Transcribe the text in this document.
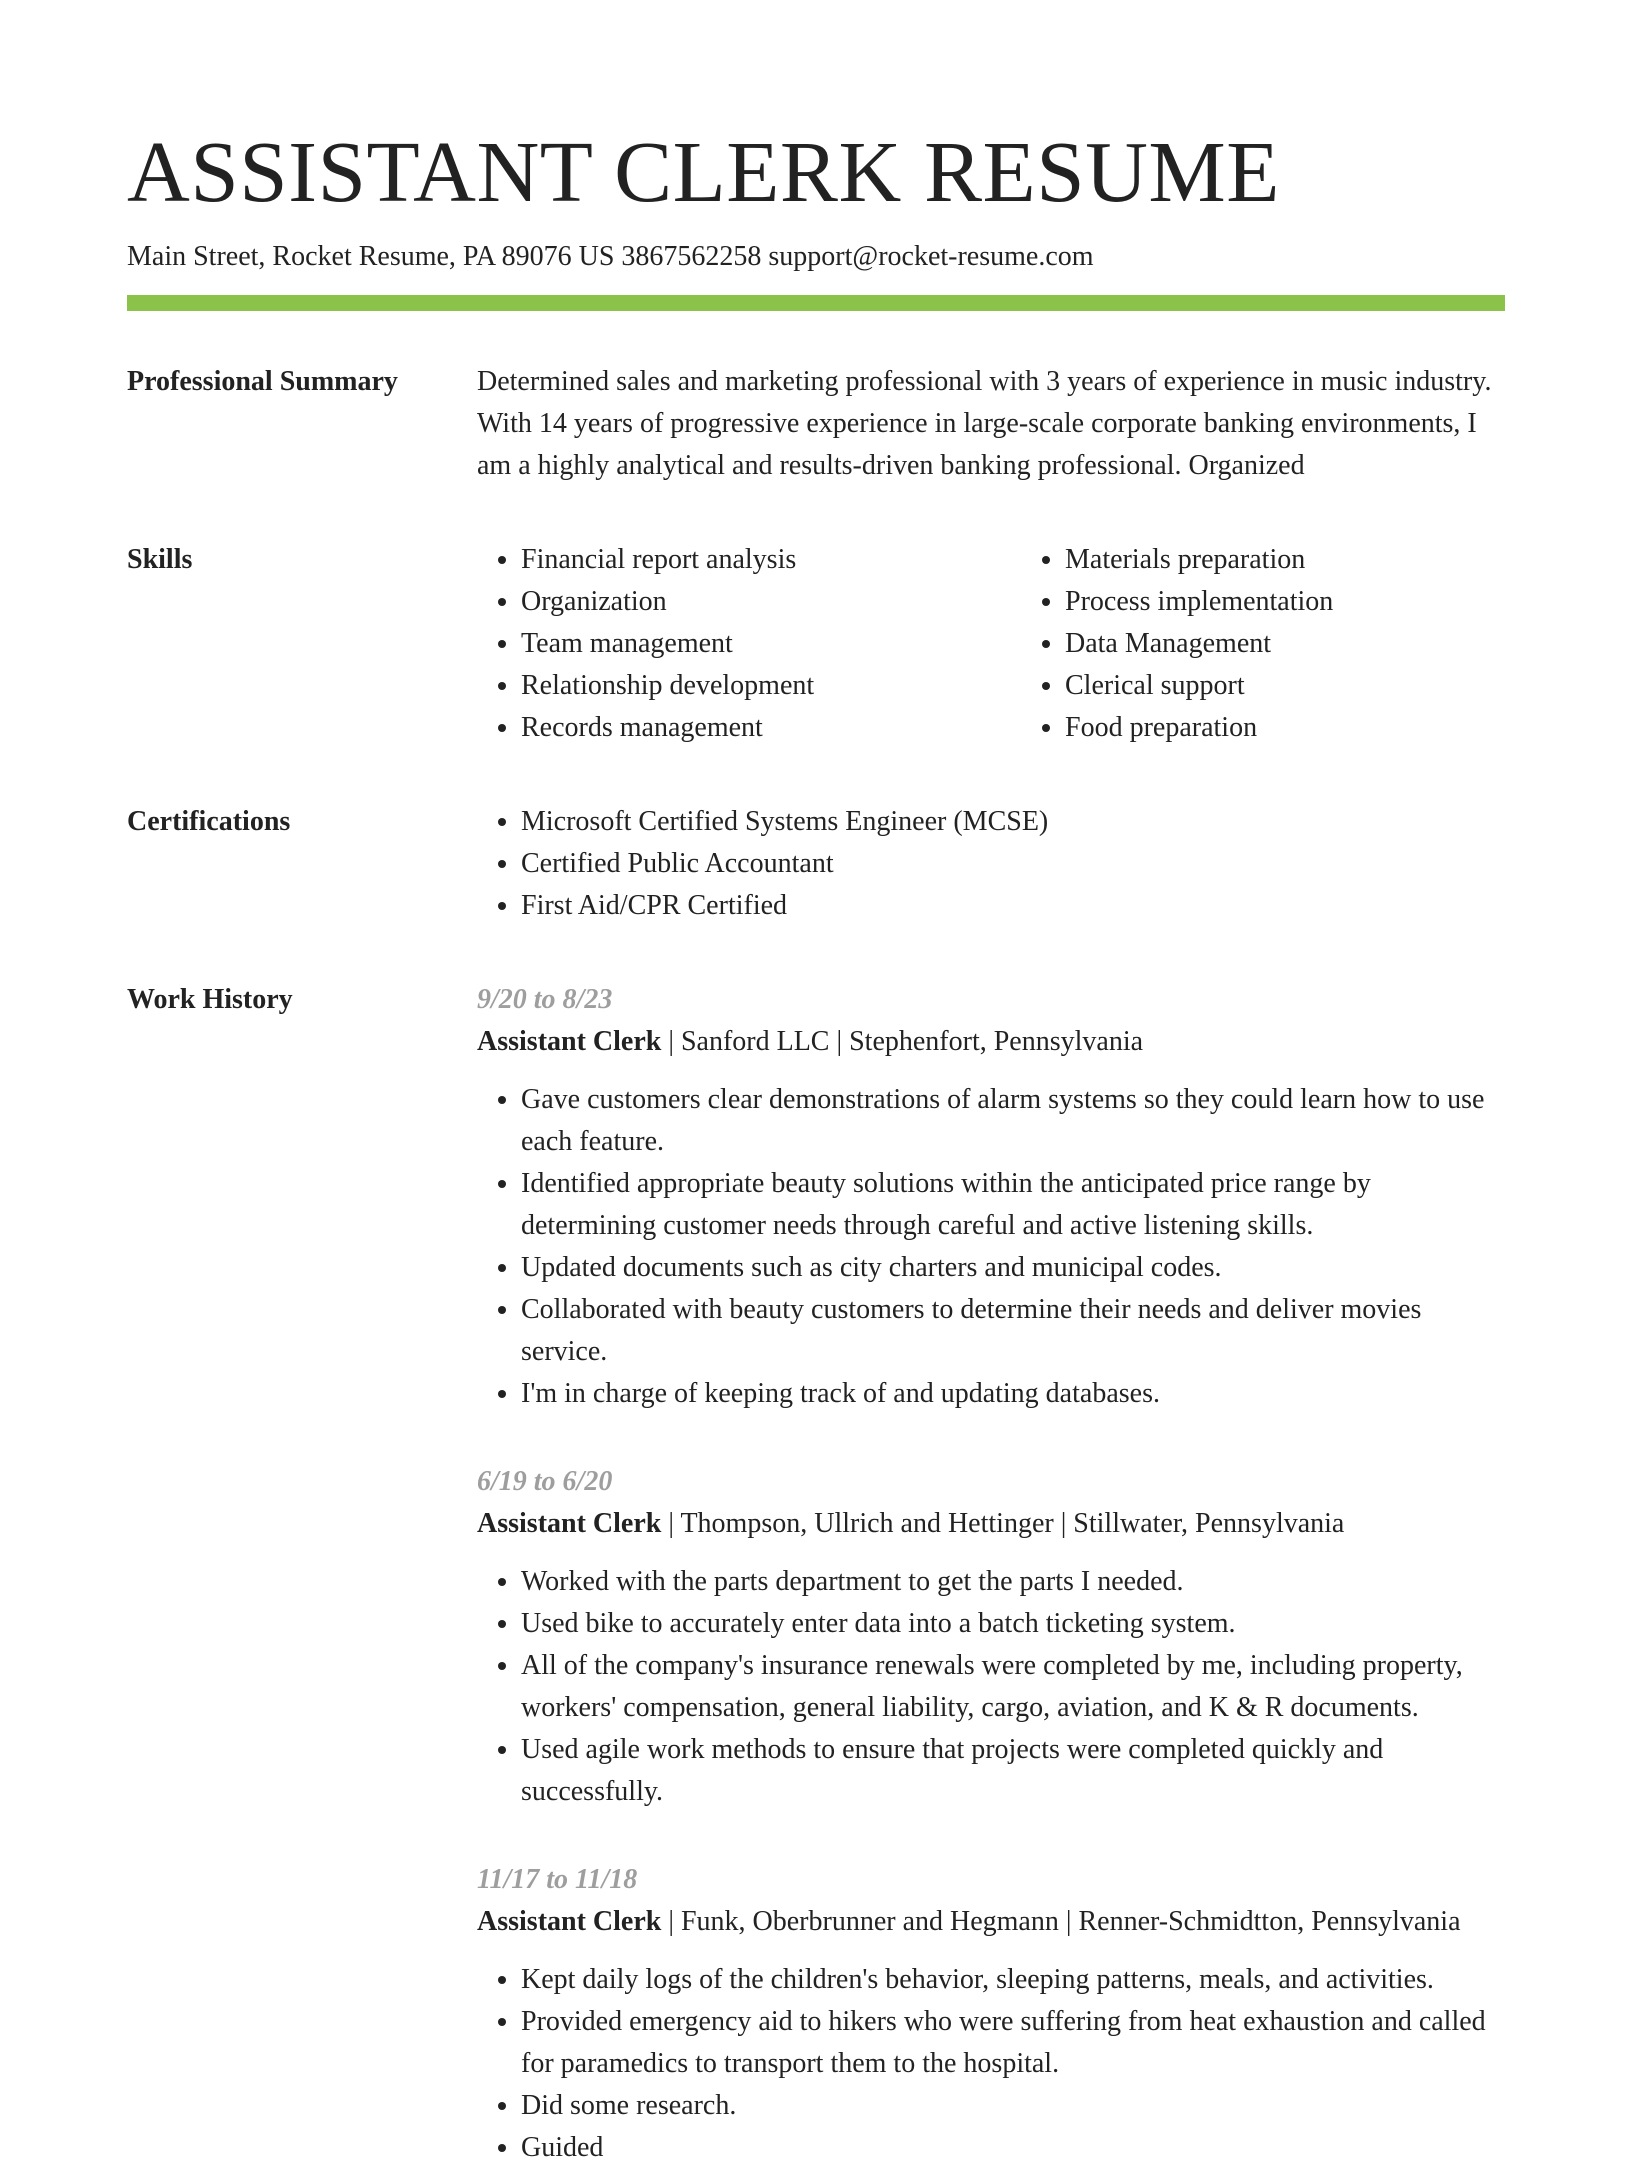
ASSISTANT CLERK RESUME
Main Street, Rocket Resume, PA 89076 US 3867562258 support@rocket-resume.com
Professional Summary	Determined sales and marketing professional with 3 years of experience in music industry. With 14 years of progressive experience in large-scale corporate banking environments, I am a highly analytical and results-driven banking professional. Organized

Skills	• Financial report analysis
• Organization
• Team management
• Relationship development
• Records management
• Materials preparation
• Process implementation
• Data Management
• Clerical support
• Food preparation
Certifications	• Microsoft Certified Systems Engineer (MCSE)
• Certified Public Accountant
• First Aid/CPR Certified
Work History	9/20 to 8/23
Assistant Clerk | Sanford LLC | Stephenfort, Pennsylvania
• Gave customers clear demonstrations of alarm systems so they could learn how to use each feature.
• Identified appropriate beauty solutions within the anticipated price range by determining customer needs through careful and active listening skills.
• Updated documents such as city charters and municipal codes.
• Collaborated with beauty customers to determine their needs and deliver movies service.
• I'm in charge of keeping track of and updating databases.
6/19 to 6/20
Assistant Clerk | Thompson, Ullrich and Hettinger | Stillwater, Pennsylvania
• Worked with the parts department to get the parts I needed.
• Used bike to accurately enter data into a batch ticketing system.
• All of the company's insurance renewals were completed by me, including property, workers' compensation, general liability, cargo, aviation, and K & R documents.
• Used agile work methods to ensure that projects were completed quickly and successfully.
11/17 to 11/18
Assistant Clerk | Funk, Oberbrunner and Hegmann | Renner-Schmidtton, Pennsylvania
• Kept daily logs of the children's behavior, sleeping patterns, meals, and activities.
• Provided emergency aid to hikers who were suffering from heat exhaustion and called for paramedics to transport them to the hospital.
• Did some research.
• Guided
